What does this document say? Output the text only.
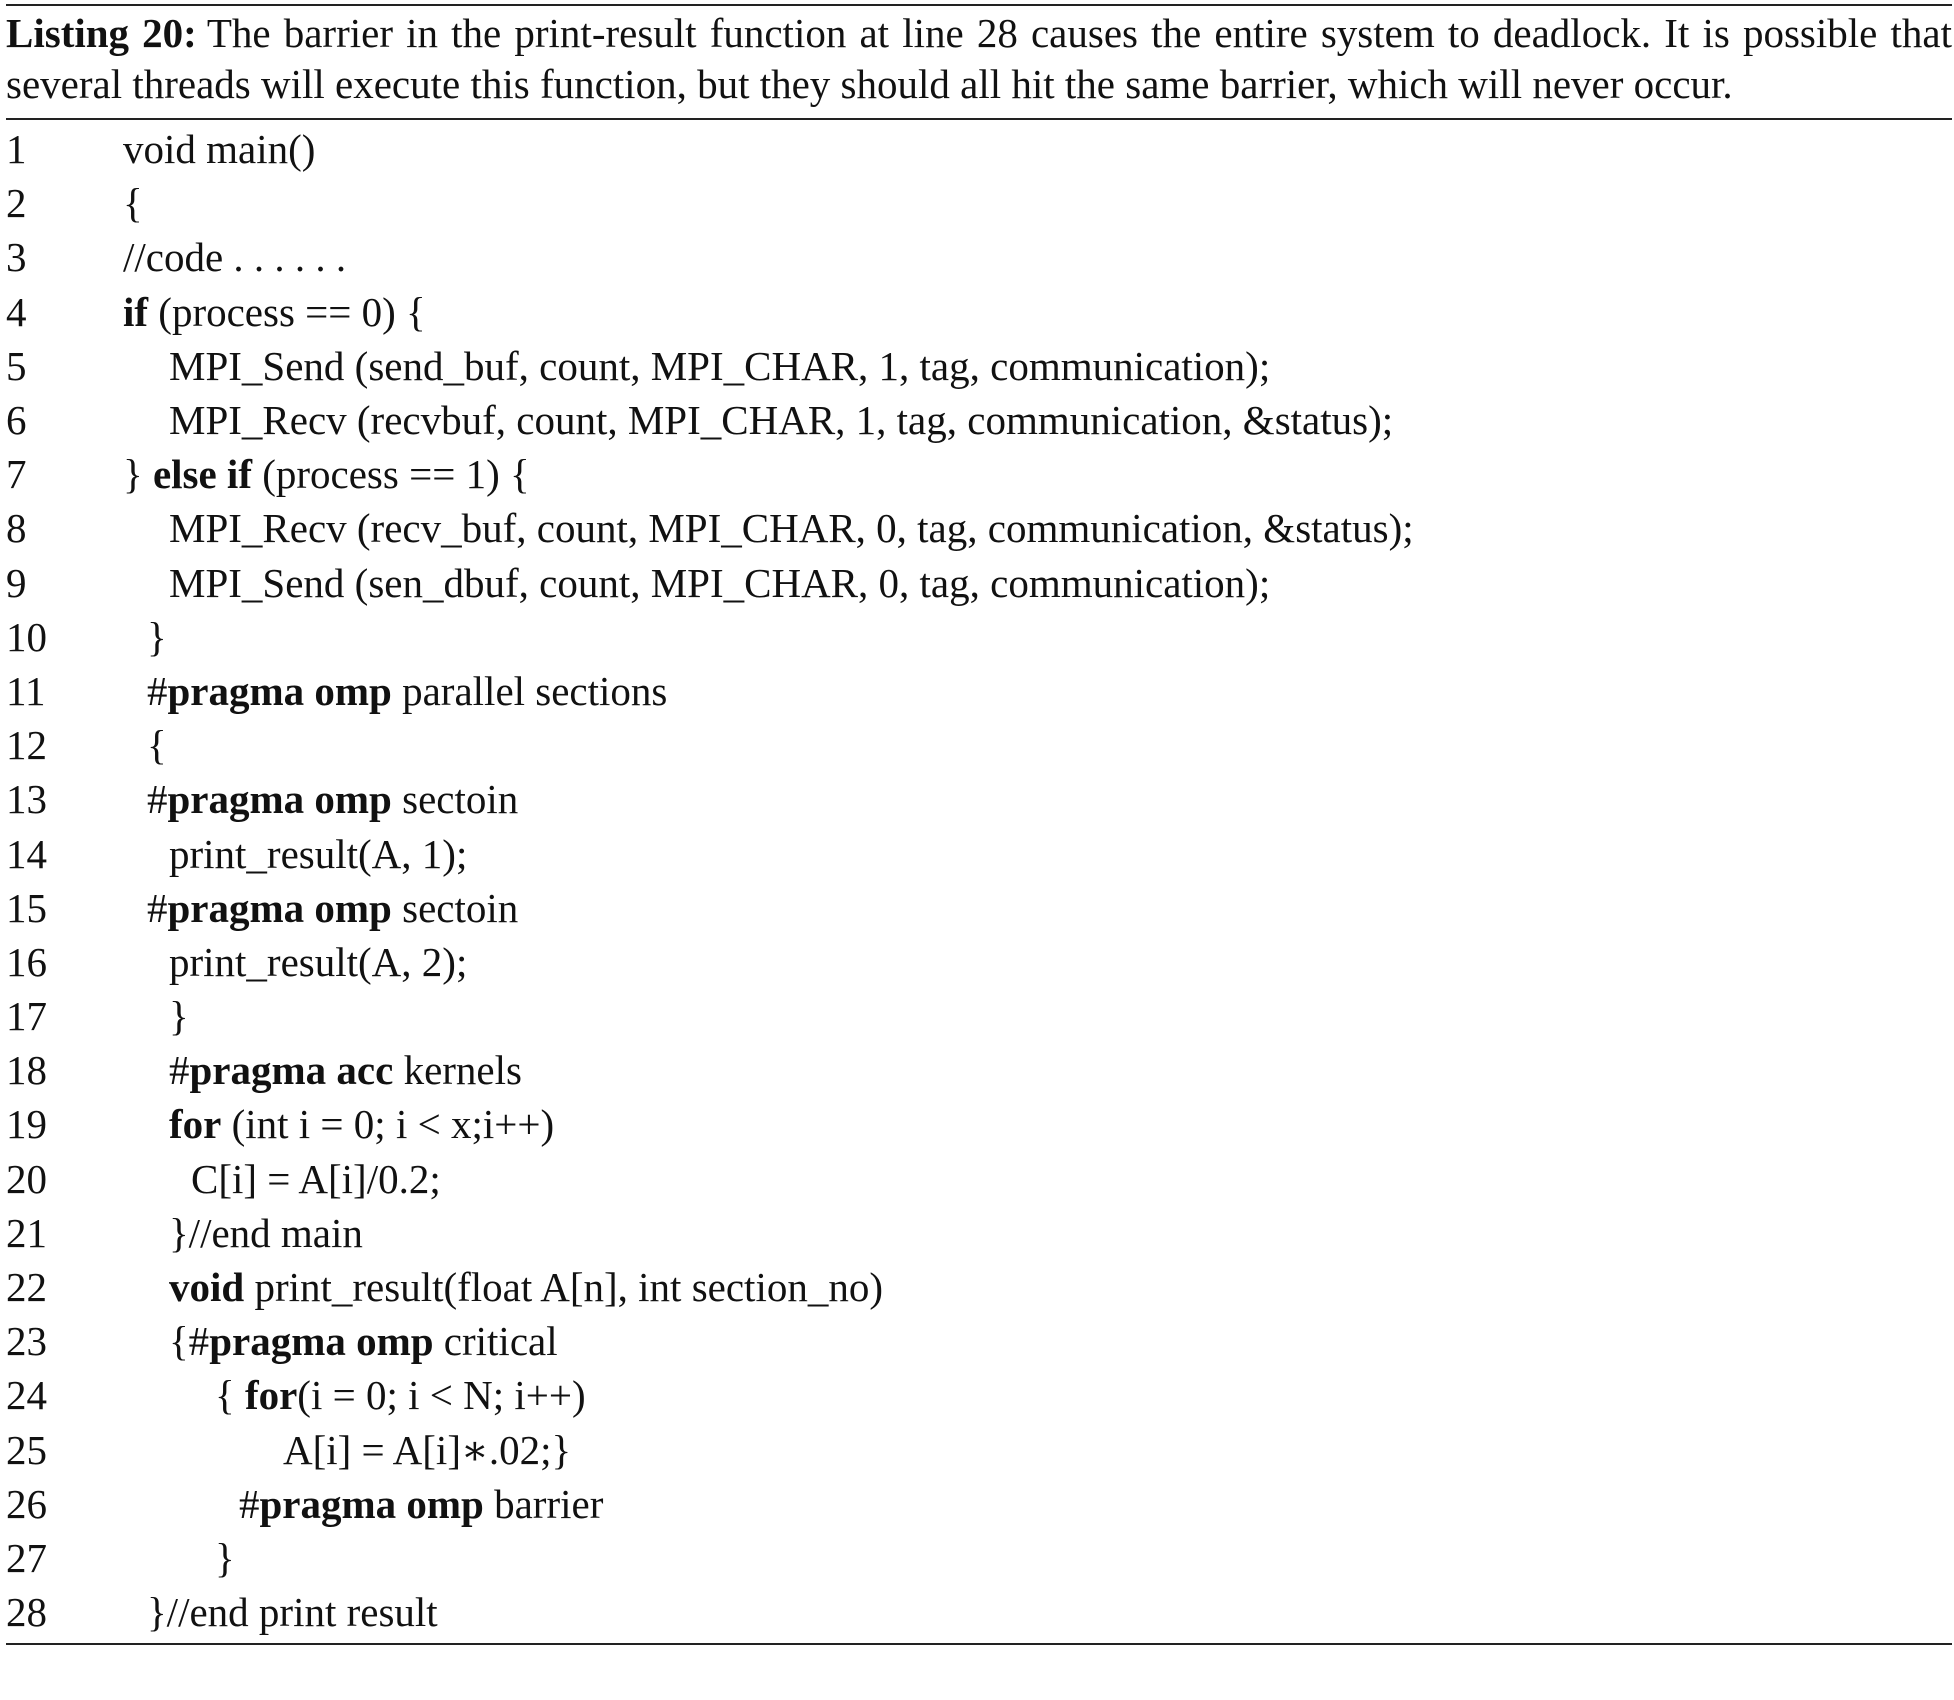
Listing 20: The barrier in the print-result function at line 28 causes the entire system to deadlock. It is possible that several threads will execute this function, but they should all hit the same barrier, which will never occur.
1	void main()
2	{
3	//code . . . . . .
4	if (process == 0) {
5	MPI_Send (send_buf, count, MPI_CHAR, 1, tag, communication);
6	MPI_Recv (recvbuf, count, MPI_CHAR, 1, tag, communication, &status);
7	} else if (process == 1) {
8	MPI_Recv (recv_buf, count, MPI_CHAR, 0, tag, communication, &status);
9	MPI_Send (sen_dbuf, count, MPI_CHAR, 0, tag, communication);
10	}
11	#pragma omp parallel sections
12	{
13	#pragma omp sectoin
14	print_result(A, 1);
15	#pragma omp sectoin
16	print_result(A, 2);
17	}
18	#pragma acc kernels
19	for (int i = 0; i < x;i++)
20	C[i] = A[i]/0.2;
21	}//end main
22	void print_result(float A[n], int section_no)
23	{#pragma omp critical
24	{ for(i = 0; i < N; i++)
25	A[i] = A[i]∗.02;}
26	#pragma omp barrier
27	}
28	}//end print result
